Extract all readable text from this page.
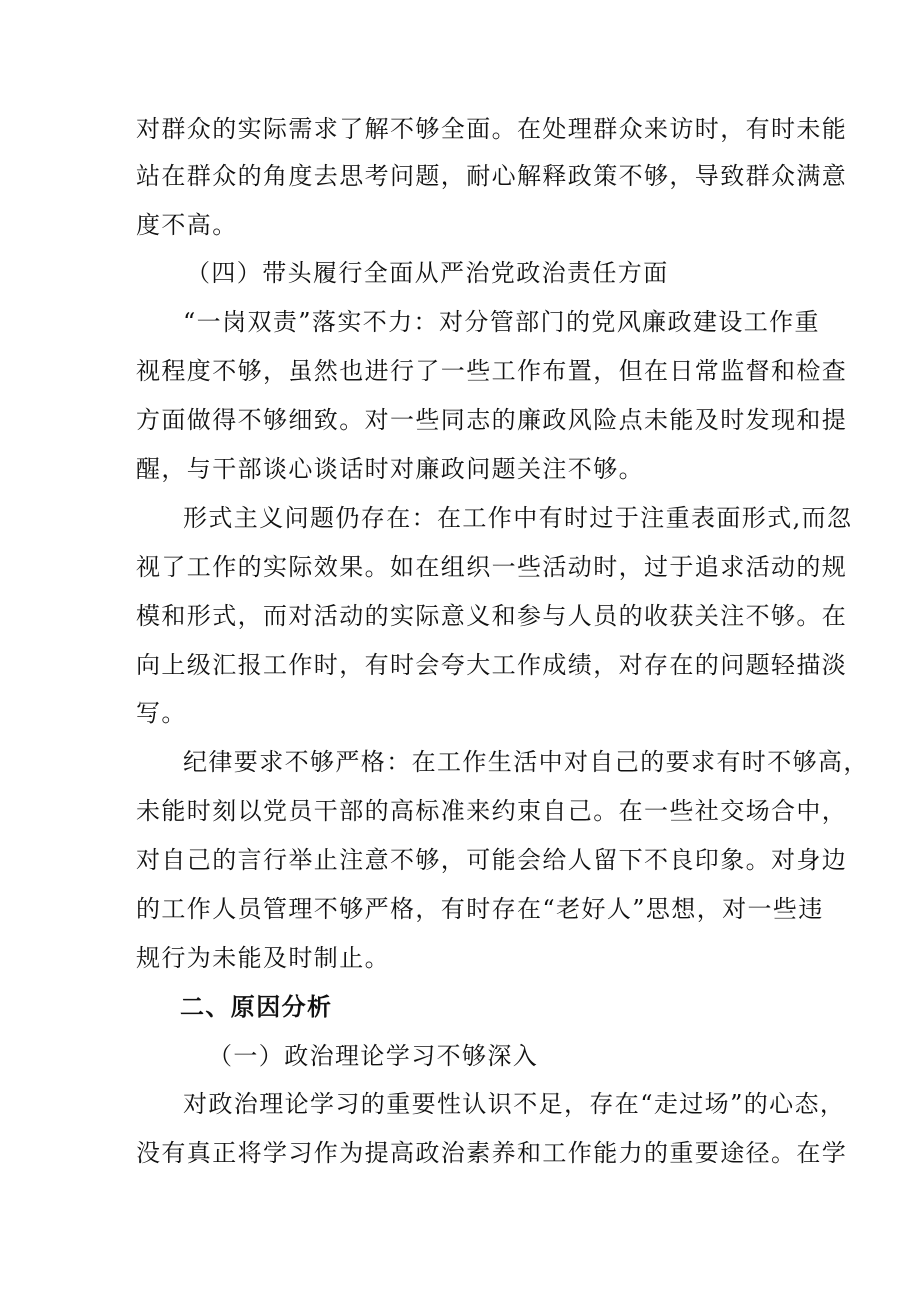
对群众的实际需求了解不够全面。在处理群众来访时，有时未能
站在群众的角度去思考问题，耐心解释政策不够，导致群众满意
度不高。
（四）带头履行全面从严治党政治责任方面
“一岗双责”落实不力：对分管部门的党风廉政建设工作重
视程度不够，虽然也进行了一些工作布置，但在日常监督和检查
方面做得不够细致。对一些同志的廉政风险点未能及时发现和提
醒，与干部谈心谈话时对廉政问题关注不够。
形式主义问题仍存在：在工作中有时过于注重表面形式,而忽
视了工作的实际效果。如在组织一些活动时，过于追求活动的规
模和形式，而对活动的实际意义和参与人员的收获关注不够。在
向上级汇报工作时，有时会夸大工作成绩，对存在的问题轻描淡
写。
纪律要求不够严格：在工作生活中对自己的要求有时不够高，
未能时刻以党员干部的高标准来约束自己。在一些社交场合中，
对自己的言行举止注意不够，可能会给人留下不良印象。对身边
的工作人员管理不够严格，有时存在“老好人”思想，对一些违
规行为未能及时制止。
二、原因分析
（一）政治理论学习不够深入
对政治理论学习的重要性认识不足，存在“走过场”的心态，
没有真正将学习作为提高政治素养和工作能力的重要途径。在学
